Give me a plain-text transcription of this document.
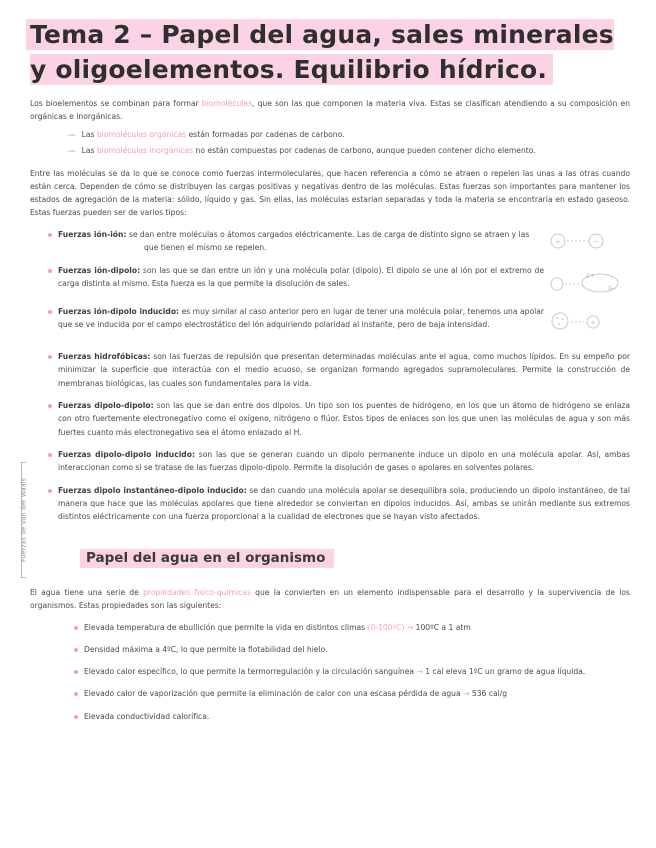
Tema 2 – Papel del agua, sales minerales y oligoelementos. Equilibrio hídrico.

Los bioelementos se combinan para formar biomoléculas, que son las que componen la materia viva. Estas se clasifican atendiendo a su composición en orgánicas e inorgánicas.

— Las biomoléculas orgánicas están formadas por cadenas de carbono.
— Las biomoléculas inorgánicas no están compuestas por cadenas de carbono, aunque pueden contener dicho elemento.

Entre las moléculas se da lo que se conoce como fuerzas intermoleculares, que hacen referencia a cómo se atraen o repelen las unas a las otras cuando están cerca. Dependen de cómo se distribuyen las cargas positivas y negativas dentro de las moléculas. Estas fuerzas son importantes para mantener los estados de agregación de la materia: sólido, líquido y gas. Sin ellas, las moléculas estarían separadas y toda la materia se encontraría en estado gaseoso. Estas fuerzas pueden ser de varios tipos:

Fuerzas ión-ión: se dan entre moléculas o átomos cargados eléctricamente. Las de carga de distinto signo se atraen y las
que tienen el mismo se repelen.
+	−
Fuerzas ión-dipolo: son las que se dan entre un ión y una molécula polar (dipolo). El dipolo se une al ión por el extremo de carga distinta al mismo. Esta fuerza es la que permite la disolución de sales.
δ+
δ−
Fuerzas ión-dipolo inducido: es muy similar al caso anterior pero en lugar de tener una molécula polar, tenemos una apolar que se ve inducida por el campo electrostático del ión adquiriendo polaridad al instante, pero de baja intensidad.	+
Fuerzas hidrofóbicas: son las fuerzas de repulsión que presentan determinadas moléculas ante el agua, como muchos lípidos. En su empeño por minimizar la superficie que interactúa con el medio acuoso, se organizan formando agregados supramoleculares. Permite la construcción de membranas biológicas, las cuales son fundamentales para la vida.
Fuerzas dipolo-dipolo: son las que se dan entre dos dipolos. Un tipo son los puentes de hidrógeno, en los que un átomo de hidrógeno se enlaza con otro fuertemente electronegativo como el oxígeno, nitrógeno o flúor. Estos tipos de enlaces son los que unen las moléculas de agua y son más fuertes cuanto más electronegativo sea el átomo enlazado al H.
Fuerzas dipolo-dipolo inducido: son las que se generan cuando un dipolo permanente induce un dipolo en una molécula apolar. Así, ambas interaccionan como si se tratase de las fuerzas dipolo-dipolo. Permite la disolución de gases o apolares en solventes polares.
Fuerzas dipolo instantáneo-dipolo inducido: se dan cuando una molécula apolar se desequilibra sola, produciendo un dipolo instantáneo, de tal manera que hace que las moléculas apolares que tiene alrededor se conviertan en dipolos inducidos. Así, ambas se unirán mediante sus extremos distintos eléctricamente con una fuerza proporcional a la cualidad de electrones que se hayan visto afectados.
Fuerzas de Van der Waals	Papel del agua en el organismo

El agua tiene una serie de propiedades fisico-químicas que la convierten en un elemento indispensable para el desarrollo y la supervivencia de los organismos. Estas propiedades son las siguientes:

Elevada temperatura de ebullición que permite la vida en distintos climas (0-100ºC) → 100ºC a 1 atm
Densidad máxima a 4ºC, lo que permite la flotabilidad del hielo.
Elevado calor específico, lo que permite la termorregulación y la circulación sanguínea → 1 cal eleva 1ºC un gramo de agua líquida.
Elevado calor de vaporización que permite la eliminación de calor con una escasa pérdida de agua → 536 cal/g
Elevada conductividad calorífica.
